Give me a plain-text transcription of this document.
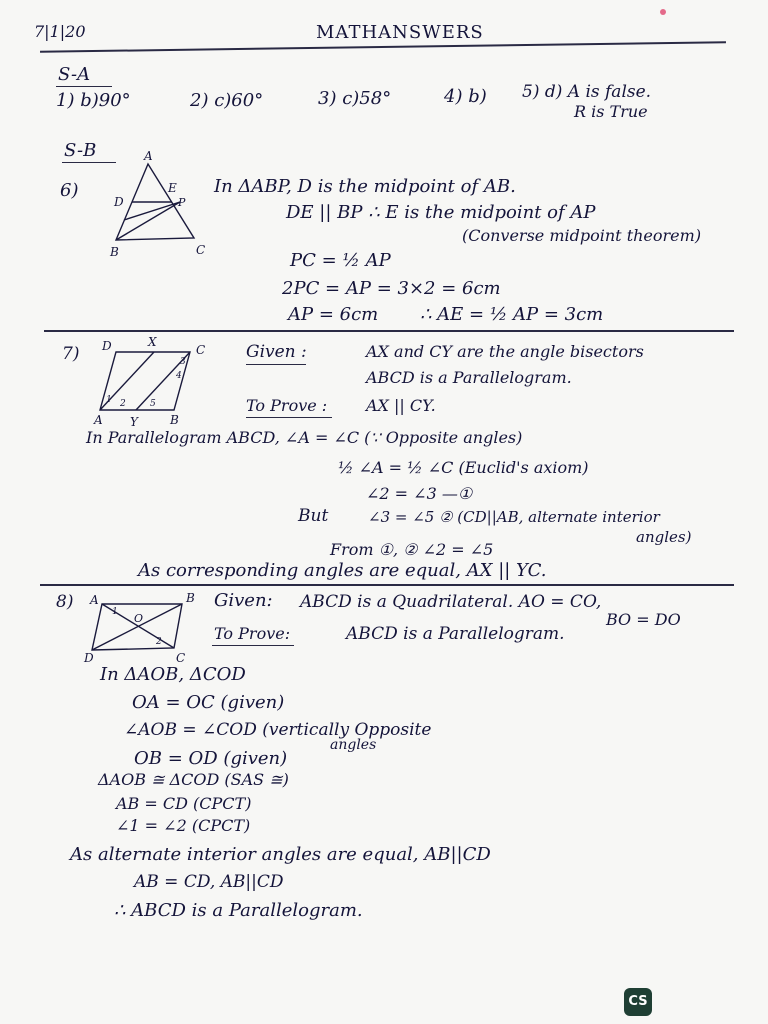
7|1|20	MATHANSWERS
S-A
1) b)90°	2) c)60°	3) c)58°	4) b) 5) d) A is false.
R is True
S-B
6)
A
D
E
P
B	C
In ΔABP, D is the midpoint of AB.
DE || BP ∴ E is the midpoint of AP
(Converse midpoint theorem)
PC = ½ AP
2PC = AP = 3×2 = 6cm
AP = 6cm ∴ AE = ½ AP = 3cm
7) D	X
C
A Y	B
1 2
3
4
5
Given :	AX and CY are the angle bisectors
ABCD is a Parallelogram.
To Prove : AX || CY.
In Parallelogram ABCD, ∠A = ∠C (∵ Opposite angles)
½ ∠A = ½ ∠C (Euclid's axiom)
∠2 = ∠3 —①
But	∠3 = ∠5 ② (CD||AB, alternate interior
angles)
From ①, ② ∠2 = ∠5
As corresponding angles are equal, AX || YC.
8) A	B
C
D
O
1
2
Given: ABCD is a Quadrilateral. AO = CO,
BO = DO
To Prove:	ABCD is a Parallelogram.
In ΔAOB, ΔCOD
OA = OC (given)
∠AOB = ∠COD (vertically Opposite
angles
OB = OD (given)
ΔAOB ≅ ΔCOD (SAS ≅)
AB = CD (CPCT)
∠1 = ∠2 (CPCT)
As alternate interior angles are equal, AB||CD
AB = CD, AB||CD
∴ ABCD is a Parallelogram.
CS
